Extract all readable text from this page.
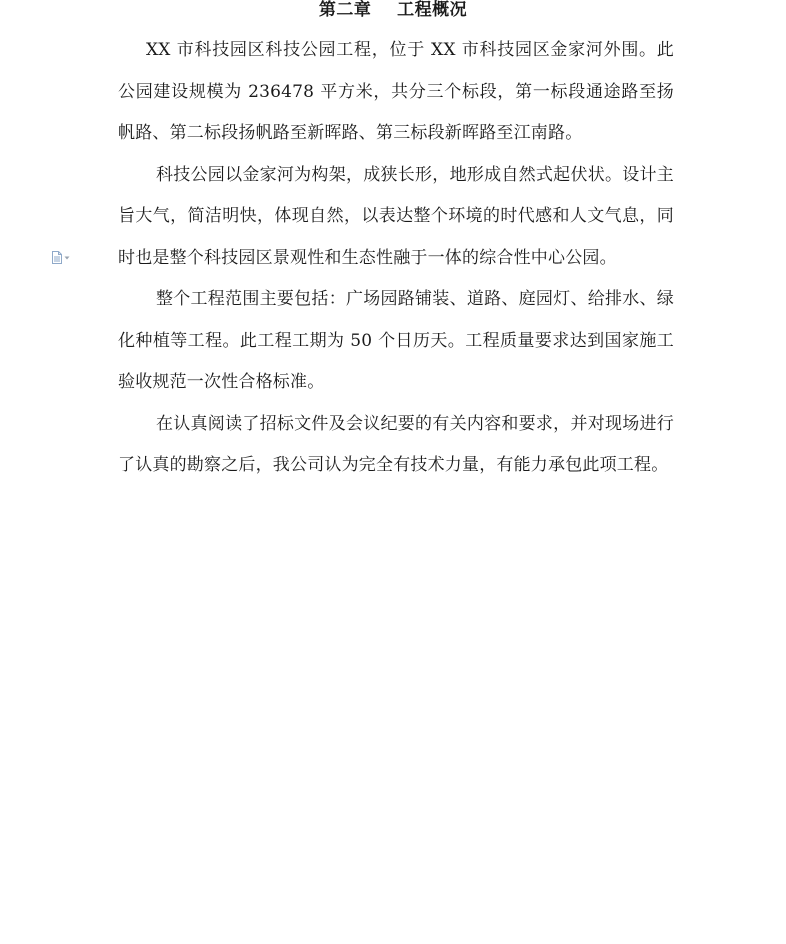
第二章    工程概况

XX 市科技园区科技公园工程，位于 XX 市科技园区金家河外围。此公园建设规模为 236478 平方米，共分三个标段，第一标段通途路至扬帆路、第二标段扬帆路至新晖路、第三标段新晖路至江南路。

科技公园以金家河为构架，成狭长形，地形成自然式起伏状。设计主旨大气，简洁明快，体现自然，以表达整个环境的时代感和人文气息，同时也是整个科技园区景观性和生态性融于一体的综合性中心公园。

整个工程范围主要包括：广场园路铺装、道路、庭园灯、给排水、绿化种植等工程。此工程工期为 50 个日历天。工程质量要求达到国家施工验收规范一次性合格标准。

在认真阅读了招标文件及会议纪要的有关内容和要求，并对现场进行了认真的勘察之后，我公司认为完全有技术力量，有能力承包此项工程。
